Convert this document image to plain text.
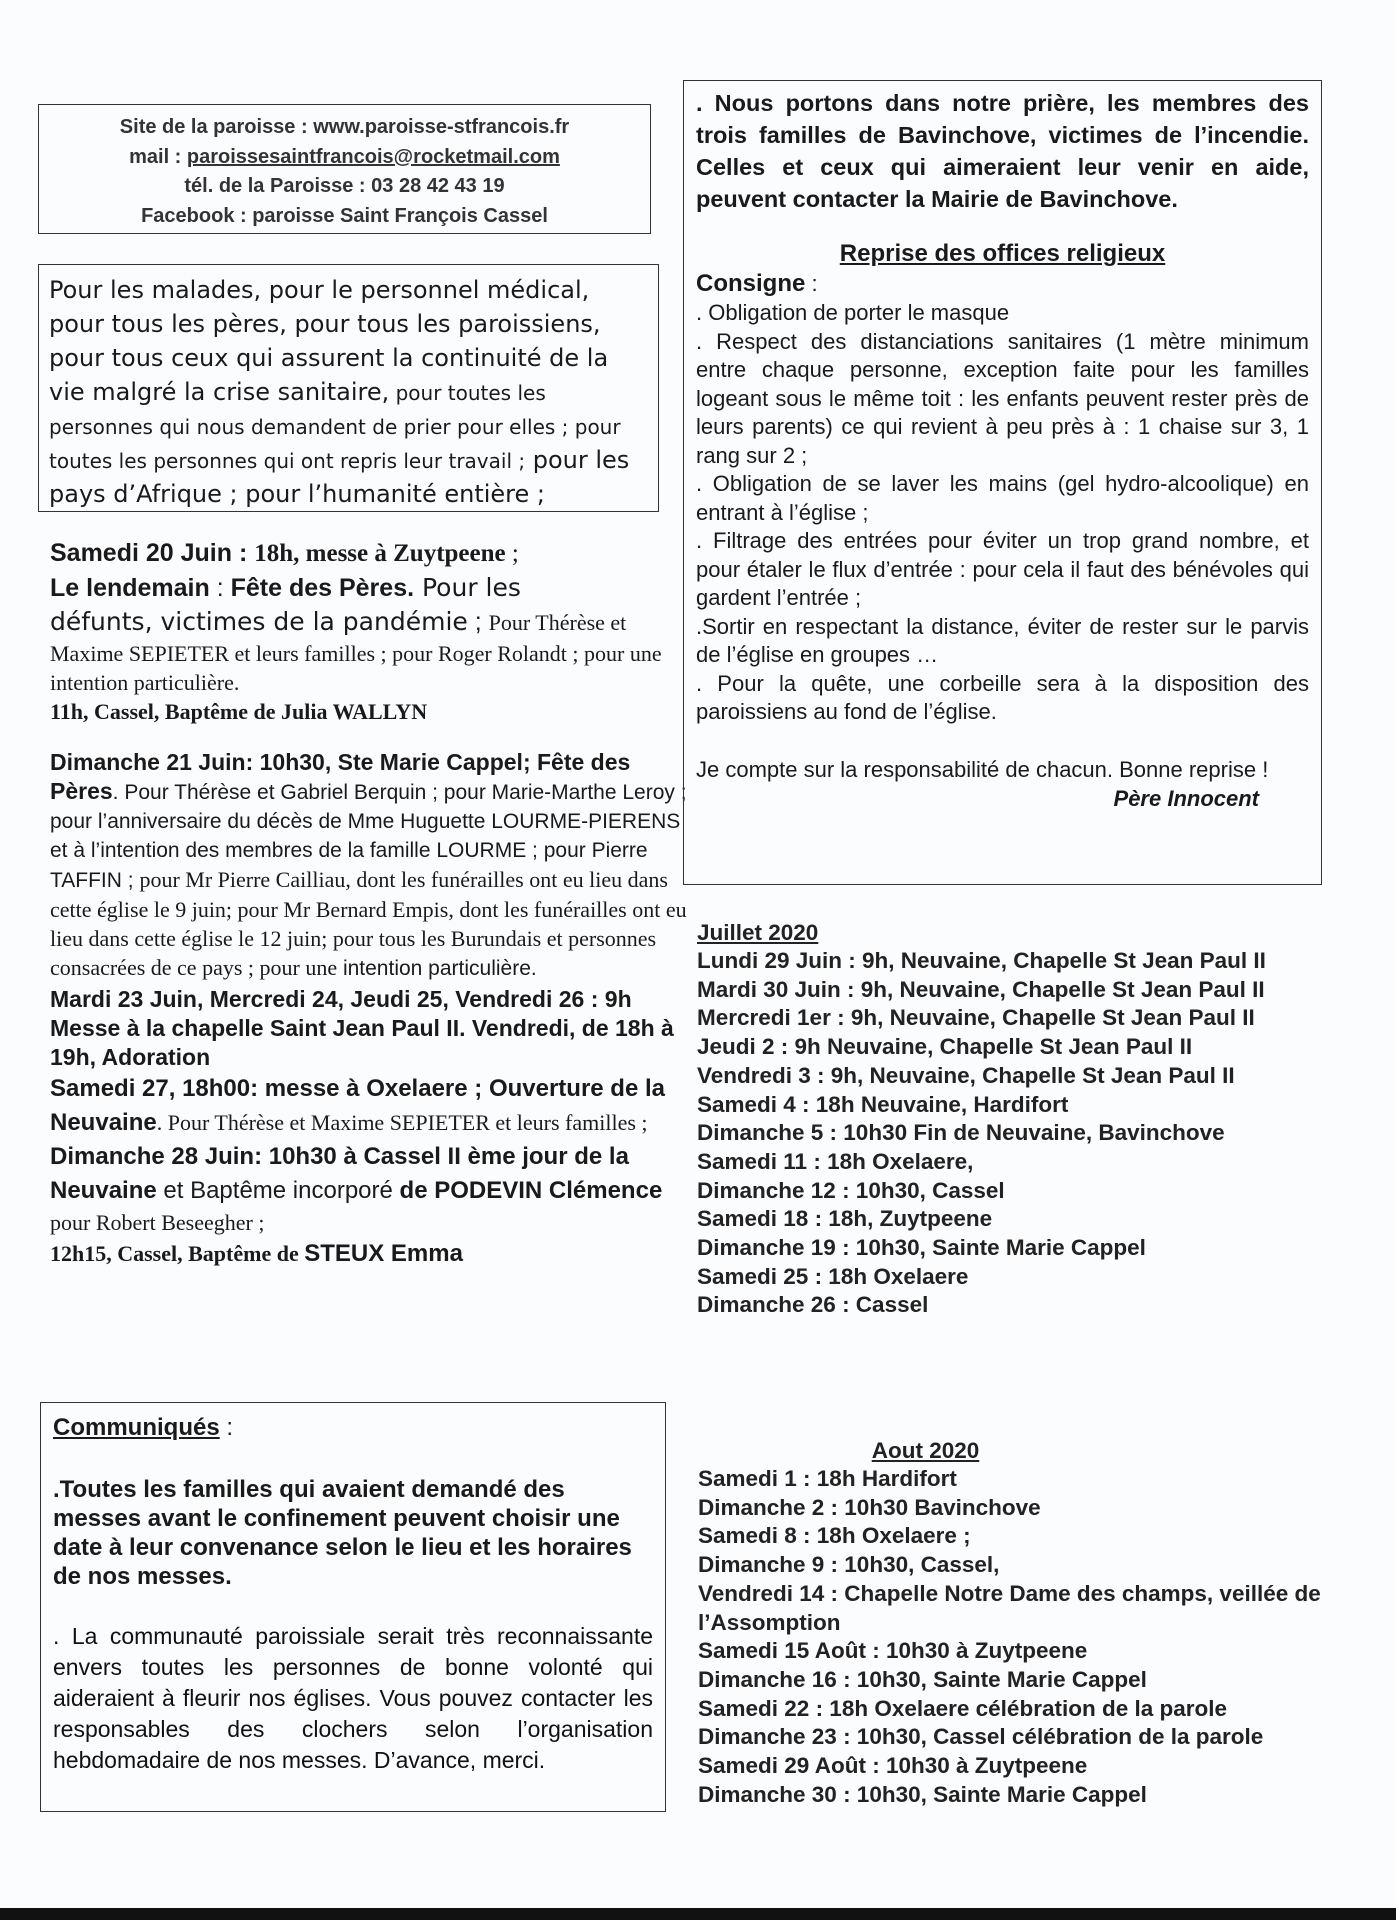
Site de la paroisse : www.paroisse-stfrancois.fr
mail : paroissesaintfrancois@rocketmail.com
tél. de la Paroisse : 03 28 42 43 19
Facebook : paroisse Saint François Cassel

Pour les malades, pour le personnel médical, pour tous les pères, pour tous les paroissiens, pour tous ceux qui assurent la continuité de la vie malgré la crise sanitaire, pour toutes les personnes qui nous demandent de prier pour elles ; pour toutes les personnes qui ont repris leur travail ; pour les pays d’Afrique ; pour l’humanité entière ;

Samedi 20 Juin : 18h, messe à Zuytpeene ;
Le lendemain : Fête des Pères. Pour les
défunts, victimes de la pandémie ; Pour Thérèse et Maxime SEPIETER et leurs familles ; pour Roger Rolandt ; pour une intention particulière.
11h, Cassel, Baptême de Julia WALLYN

Dimanche 21 Juin: 10h30, Ste Marie Cappel; Fête des Pères. Pour Thérèse et Gabriel Berquin ; pour Marie-Marthe Leroy ; pour l’anniversaire du décès de Mme Huguette LOURME-PIERENS et à l’intention des membres de la famille LOURME ; pour Pierre TAFFIN ; pour Mr Pierre Cailliau, dont les funérailles ont eu lieu dans cette église le 9 juin; pour Mr Bernard Empis, dont les funérailles ont eu lieu dans cette église le 12 juin; pour tous les Burundais et personnes consacrées de ce pays ; pour une intention particulière.

Mardi 23 Juin, Mercredi 24, Jeudi 25, Vendredi 26 : 9h Messe à la chapelle Saint Jean Paul II. Vendredi, de 18h à 19h, Adoration

Samedi 27, 18h00: messe à Oxelaere ; Ouverture de la Neuvaine. Pour Thérèse et Maxime SEPIETER et leurs familles ;

Dimanche 28 Juin: 10h30 à Cassel II ème jour de la Neuvaine et Baptême incorporé de PODEVIN Clémence pour Robert Beseegher ;
12h15, Cassel, Baptême de STEUX Emma

Communiqués :

.Toutes les familles qui avaient demandé des messes avant le confinement peuvent choisir une date à leur convenance selon le lieu et les horaires de nos messes.

. La communauté paroissiale serait très reconnaissante envers toutes les personnes de bonne volonté qui aideraient à fleurir nos églises. Vous pouvez contacter les responsables des clochers selon l’organisation hebdomadaire de nos messes. D’avance, merci.

. Nous portons dans notre prière, les membres des trois familles de Bavinchove, victimes de l’incendie. Celles et ceux qui aimeraient leur venir en aide, peuvent contacter la Mairie de Bavinchove.

Reprise des offices religieux
Consigne :

. Obligation de porter le masque

. Respect des distanciations sanitaires (1 mètre minimum entre chaque personne, exception faite pour les familles logeant sous le même toit : les enfants peuvent rester près de leurs parents) ce qui revient à peu près à : 1 chaise sur 3, 1 rang sur 2 ;

. Obligation de se laver les mains (gel hydro-alcoolique) en entrant à l’église ;

. Filtrage des entrées pour éviter un trop grand nombre, et pour étaler le flux d’entrée : pour cela il faut des bénévoles qui gardent l’entrée ;

.Sortir en respectant la distance, éviter de rester sur le parvis de l’église en groupes …

. Pour la quête, une corbeille sera à la disposition des paroissiens au fond de l’église.

Je compte sur la responsabilité de chacun. Bonne reprise !

Père Innocent
Juillet 2020

Lundi 29 Juin : 9h, Neuvaine, Chapelle St Jean Paul II

Mardi 30 Juin : 9h, Neuvaine, Chapelle St Jean Paul II

Mercredi 1er : 9h, Neuvaine, Chapelle St Jean Paul II

Jeudi 2 : 9h Neuvaine, Chapelle St Jean Paul II

Vendredi 3 : 9h, Neuvaine, Chapelle St Jean Paul II

Samedi 4 : 18h Neuvaine, Hardifort

Dimanche 5 : 10h30 Fin de Neuvaine, Bavinchove

Samedi 11 : 18h Oxelaere,

Dimanche 12 : 10h30, Cassel

Samedi 18 : 18h, Zuytpeene

Dimanche 19 : 10h30, Sainte Marie Cappel

Samedi 25 : 18h Oxelaere

Dimanche 26 : Cassel

Aout 2020

Samedi 1 : 18h Hardifort

Dimanche 2 : 10h30 Bavinchove

Samedi 8 : 18h Oxelaere ;

Dimanche 9 : 10h30, Cassel,

Vendredi 14 : Chapelle Notre Dame des champs, veillée de l’Assomption

Samedi 15 Août : 10h30 à Zuytpeene

Dimanche 16 : 10h30, Sainte Marie Cappel

Samedi 22 : 18h Oxelaere célébration de la parole

Dimanche 23 : 10h30, Cassel célébration de la parole

Samedi 29 Août : 10h30 à Zuytpeene

Dimanche 30 : 10h30, Sainte Marie Cappel
